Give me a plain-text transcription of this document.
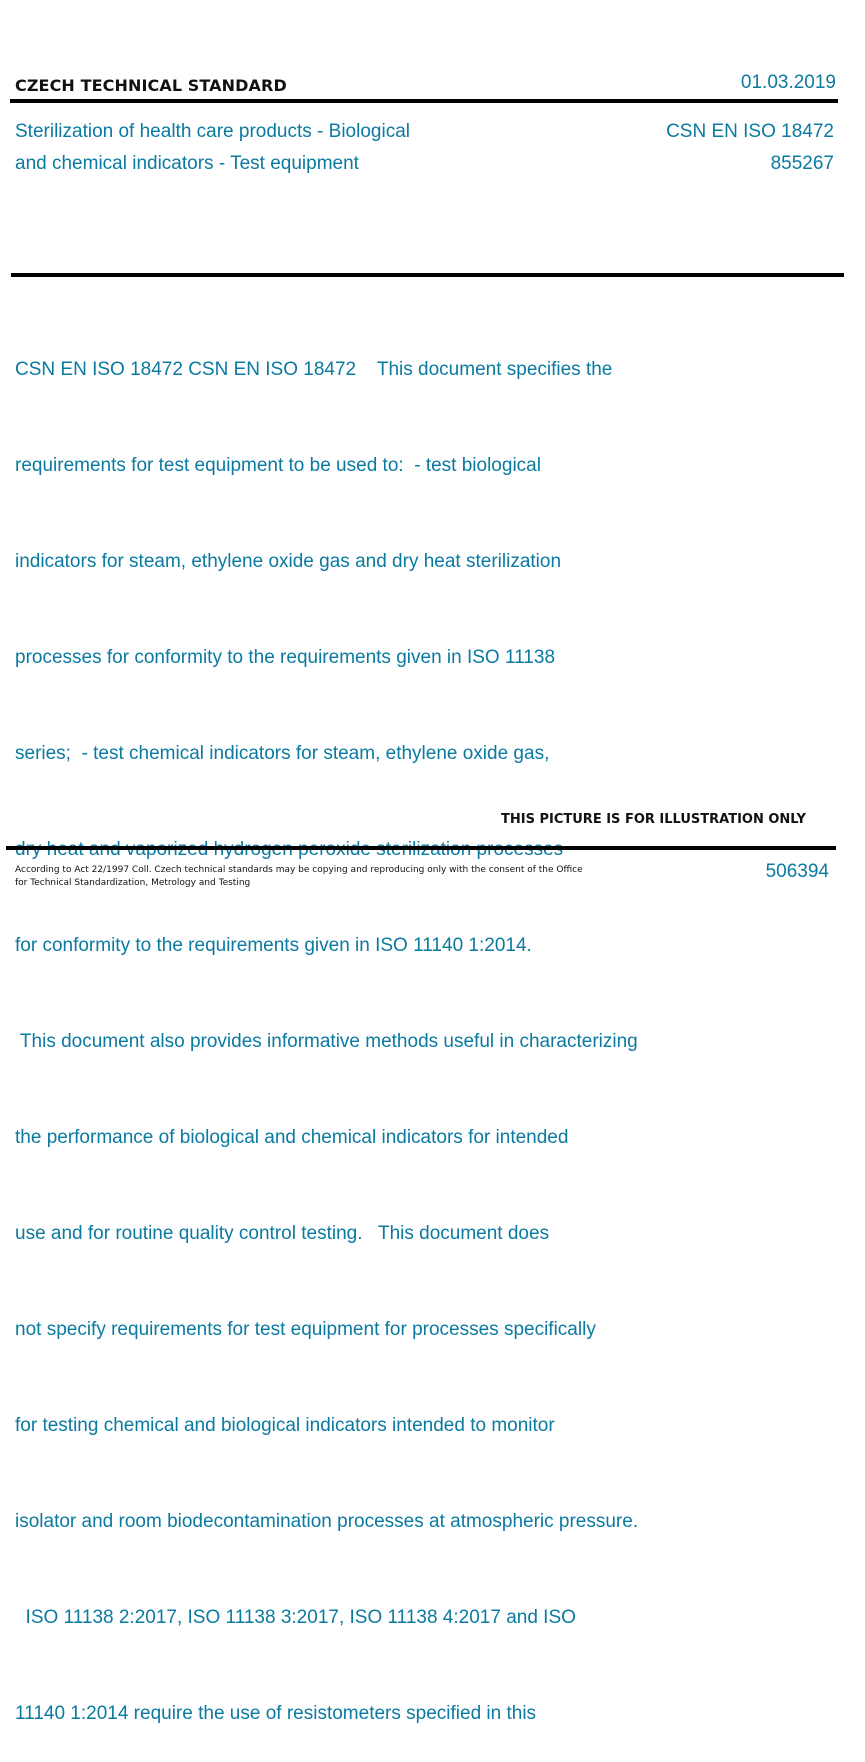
CZECH TECHNICAL STANDARD	01.03.2019
Sterilization of health care products - Biological
and chemical indicators - Test equipment
CSN EN ISO 18472
855267

CSN EN ISO 18472 CSN EN ISO 18472    This document specifies the

requirements for test equipment to be used to:  - test biological

indicators for steam, ethylene oxide gas and dry heat sterilization

processes for conformity to the requirements given in ISO 11138

series;  - test chemical indicators for steam, ethylene oxide gas,

for conformity to the requirements given in ISO 11140 1:2014.

This document also provides informative methods useful in characterizing

the performance of biological and chemical indicators for intended

use and for routine quality control testing.   This document does

not specify requirements for test equipment for processes specifically

for testing chemical and biological indicators intended to monitor

isolator and room biodecontamination processes at atmospheric pressure.

ISO 11138 2:2017, ISO 11138 3:2017, ISO 11138 4:2017 and ISO

11140 1:2014 require the use of resistometers specified in this

THIS PICTURE IS FOR ILLUSTRATION ONLY
According to Act 22/1997 Coll. Czech technical standards may be copying and reproducing only with the consent of the Office
for Technical Standardization, Metrology and Testing
506394
